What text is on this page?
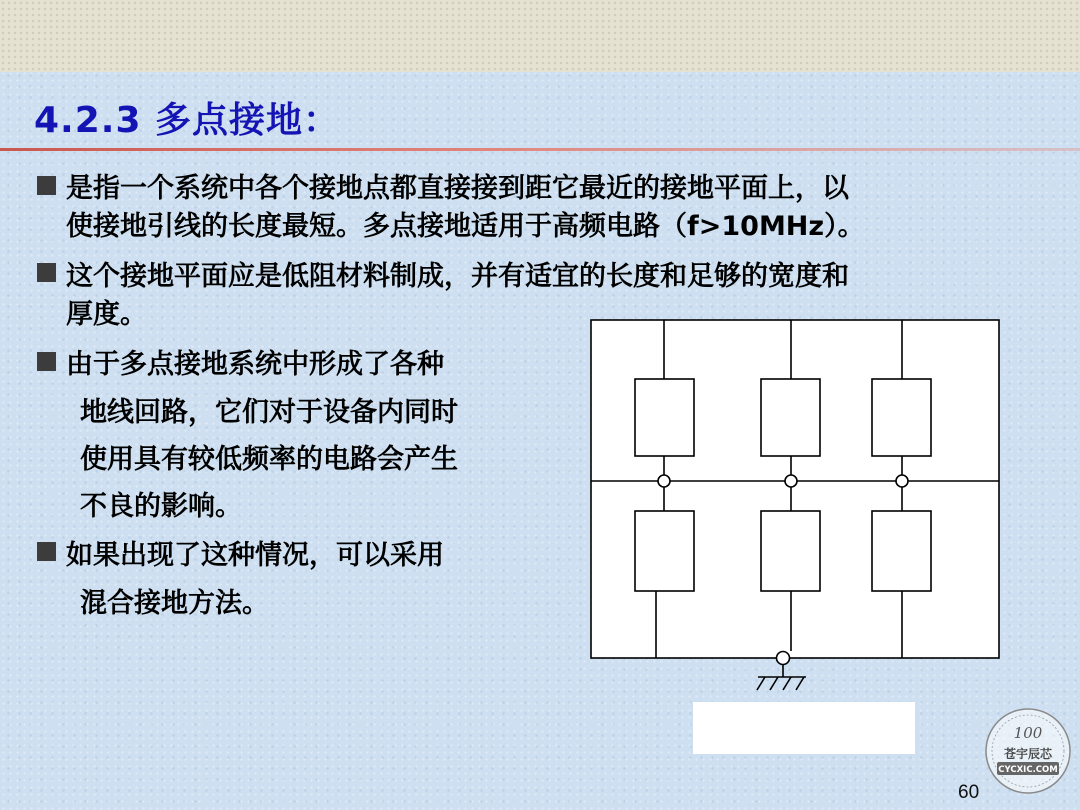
4.2.3 多点接地：

是指一个系统中各个接地点都直接接到距它最近的接地平面上，以

使接地引线的长度最短。多点接地适用于高频电路（f>10MHz）。

这个接地平面应是低阻材料制成，并有适宜的长度和足够的宽度和

厚度。

由于多点接地系统中形成了各种

地线回路，它们对于设备内同时

使用具有较低频率的电路会产生

不良的影响。

如果出现了这种情况，可以采用

混合接地方法。

100
苍宇辰芯
CYCXIC.COM
60
